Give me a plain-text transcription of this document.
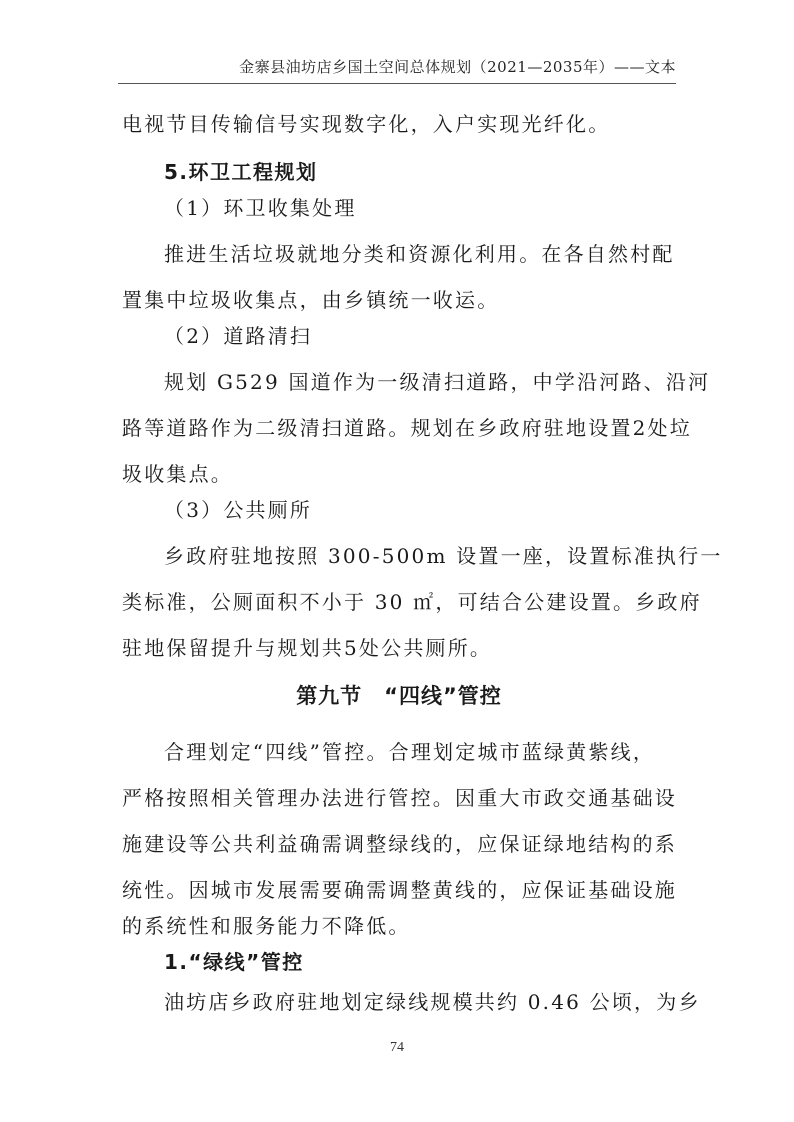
金寨县油坊店乡国土空间总体规划（2021—2035年）——文本
电视节目传输信号实现数字化，入户实现光纤化。
5.环卫工程规划
（1）环卫收集处理
推进生活垃圾就地分类和资源化利用。在各自然村配
置集中垃圾收集点，由乡镇统一收运。
（2）道路清扫
规划 G529 国道作为一级清扫道路，中学沿河路、沿河
路等道路作为二级清扫道路。规划在乡政府驻地设置2处垃
圾收集点。
（3）公共厕所
乡政府驻地按照 300-500m 设置一座，设置标准执行一
类标准，公厕面积不小于 30 ㎡，可结合公建设置。乡政府
驻地保留提升与规划共5处公共厕所。
第九节　“四线”管控
合理划定“四线”管控。合理划定城市蓝绿黄紫线，
严格按照相关管理办法进行管控。因重大市政交通基础设
施建设等公共利益确需调整绿线的，应保证绿地结构的系
统性。因城市发展需要确需调整黄线的，应保证基础设施
的系统性和服务能力不降低。
1.“绿线”管控
油坊店乡政府驻地划定绿线规模共约 0.46 公顷，为乡
74
